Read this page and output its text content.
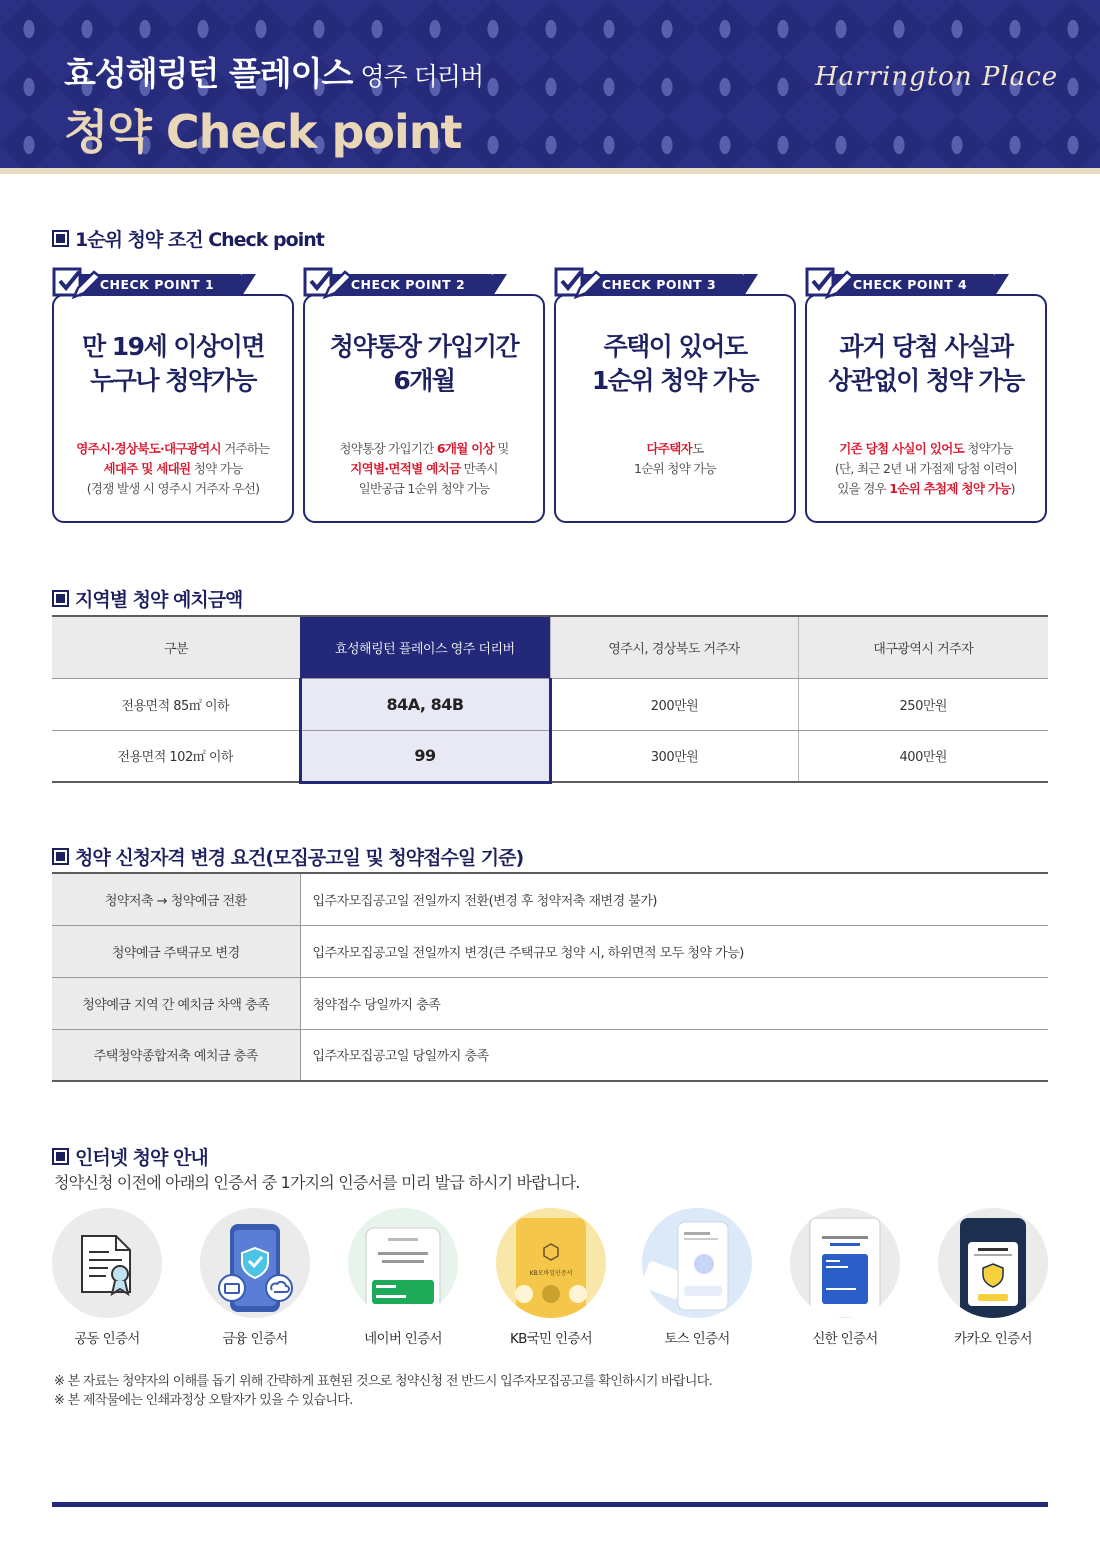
효성해링턴 플레이스 영주 더리버
청약 Check point
Harrington Place
1순위 청약 조건 Check point
CHECK POINT 1
만 19세 이상이면
누구나 청약가능
영주시·경상북도·대구광역시 거주하는
세대주 및 세대원 청약 가능
(경쟁 발생 시 영주시 거주자 우선)
CHECK POINT 2
청약통장 가입기간
6개월
청약통장 가입기간 6개월 이상 및
지역별·면적별 예치금 만족시
일반공급 1순위 청약 가능
CHECK POINT 3
주택이 있어도
1순위 청약 가능
다주택자도
1순위 청약 가능
CHECK POINT 4
과거 당첨 사실과
상관없이 청약 가능
기존 당첨 사실이 있어도 청약가능
(단, 최근 2년 내 가점제 당첨 이력이
있을 경우 1순위 추첨제 청약 가능)
지역별 청약 예치금액
구분	효성해링턴 플레이스 영주 더리버	영주시, 경상북도 거주자	대구광역시 거주자
전용면적 85㎡ 이하	84A, 84B	200만원	250만원
전용면적 102㎡ 이하	99	300만원	400만원
청약 신청자격 변경 요건(모집공고일 및 청약접수일 기준)
청약저축 → 청약예금 전환	입주자모집공고일 전일까지 전환(변경 후 청약저축 재변경 불가)
청약예금 주택규모 변경	입주자모집공고일 전일까지 변경(큰 주택규모 청약 시, 하위면적 모두 청약 가능)
청약예금 지역 간 예치금 차액 충족	청약접수 당일까지 충족
주택청약종합저축 예치금 충족	입주자모집공고일 당일까지 충족
인터넷 청약 안내
청약신청 이전에 아래의 인증서 중 1가지의 인증서를 미리 발급 하시기 바랍니다.
공동 인증서	금융 인증서	네이버 인증서
KB모바일인증서
KB국민 인증서	토스 인증서	신한 인증서	카카오 인증서
※ 본 자료는 청약자의 이해를 돕기 위해 간략하게 표현된 것으로 청약신청 전 반드시 입주자모집공고를 확인하시기 바랍니다.
※ 본 제작물에는 인쇄과정상 오탈자가 있을 수 있습니다.
